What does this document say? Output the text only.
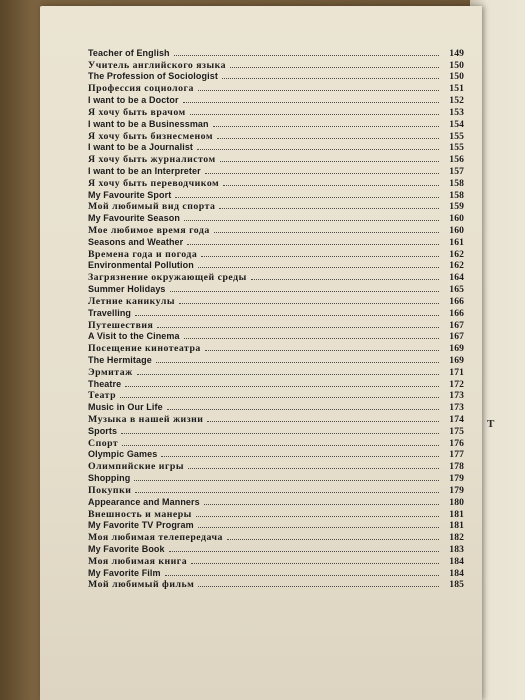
T
Teacher of English	149
Учитель английского языка	150
The Profession of Sociologist	150
Профессия социолога	151
I want to be a Doctor	152
Я хочу быть врачом	153
I want to be a Businessman	154
Я хочу быть бизнесменом	155
I want to be a Journalist	155
Я хочу быть журналистом	156
I want to be an Interpreter	157
Я хочу быть переводчиком	158
My Favourite Sport	158
Мой любимый вид спорта	159
My Favourite Season	160
Мое любимое время года	160
Seasons and Weather	161
Времена года и погода	162
Environmental Pollution	162
Загрязнение окружающей среды	164
Summer Holidays	165
Летние каникулы	166
Travelling	166
Путешествия	167
A Visit to the Cinema	167
Посещение кинотеатра	169
The Hermitage	169
Эрмитаж	171
Theatre	172
Театр	173
Music in Our Life	173
Музыка в нашей жизни	174
Sports	175
Спорт	176
Olympic Games	177
Олимпийские игры	178
Shopping	179
Покупки	179
Appearance and Manners	180
Внешность и манеры	181
My Favorite TV Program	181
Моя любимая телепередача	182
My Favorite Book	183
Моя любимая книга	184
My Favorite Film	184
Мой любимый фильм	185
